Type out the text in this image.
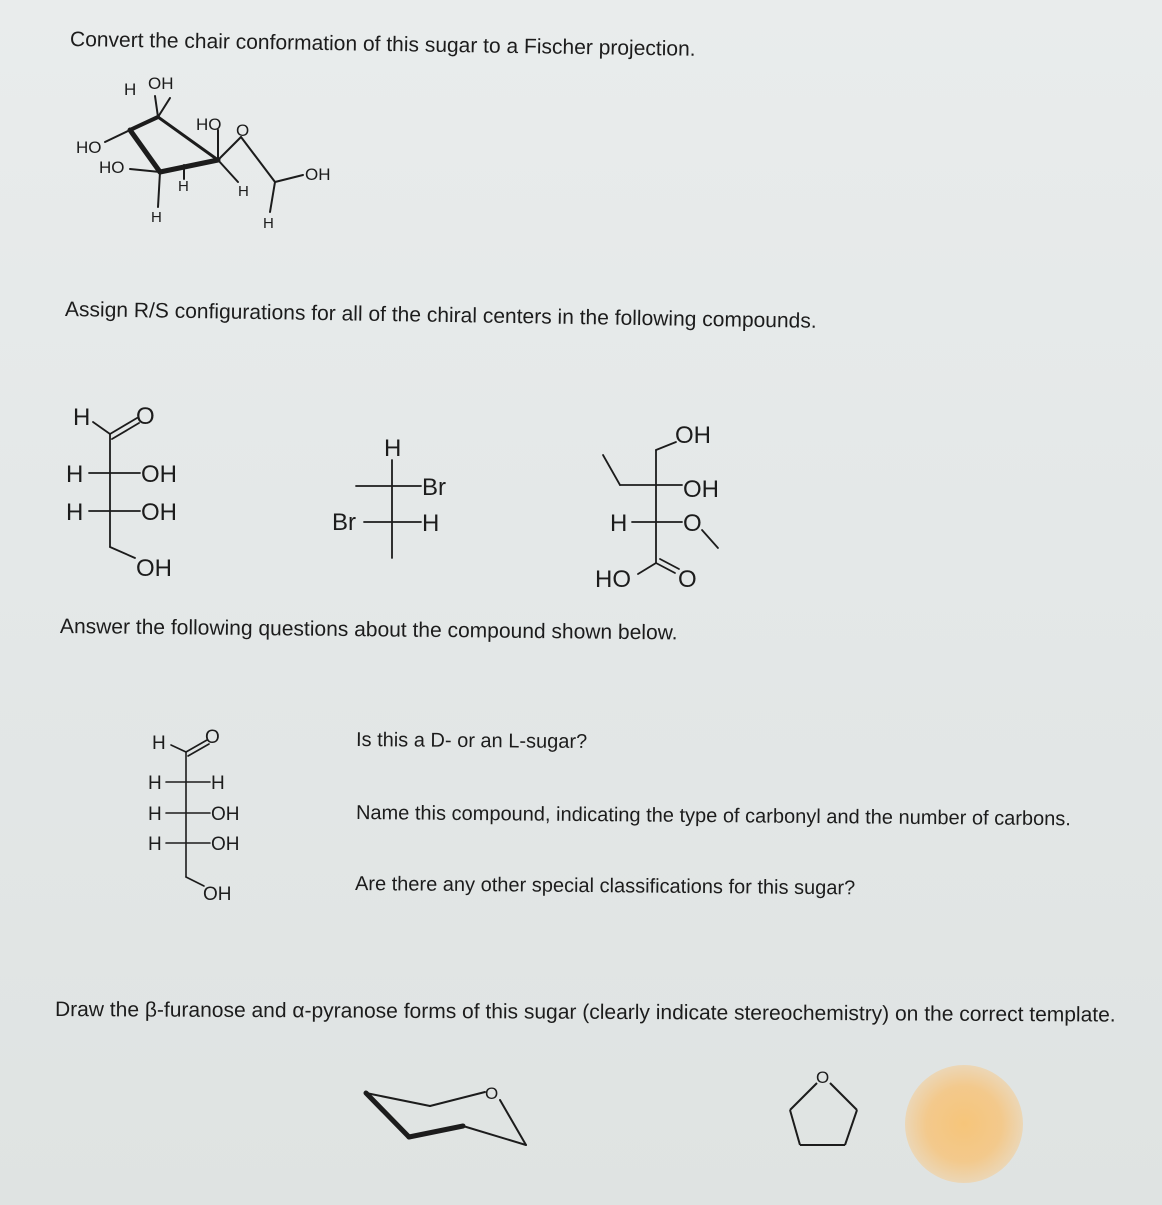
Convert the chair conformation of this sugar to a Fischer projection.
Assign R/S configurations for all of the chiral centers in the following compounds.
Answer the following questions about the compound shown below.
Draw the β-furanose and α-pyranose forms of this sugar (clearly indicate stereochemistry) on the correct template.
Is this a D- or an L-sugar?
Name this compound, indicating the type of carbonyl and the number of carbons.
Are there any other special classifications for this sugar?
H OH
HO
HO
HO O
OH
H	H
H	H
H O
H OH
H OH
OH
H
Br
Br	H
OH
OH
H O
HO O
H O
H	H
H	OH
H	OH
OH
O
O
